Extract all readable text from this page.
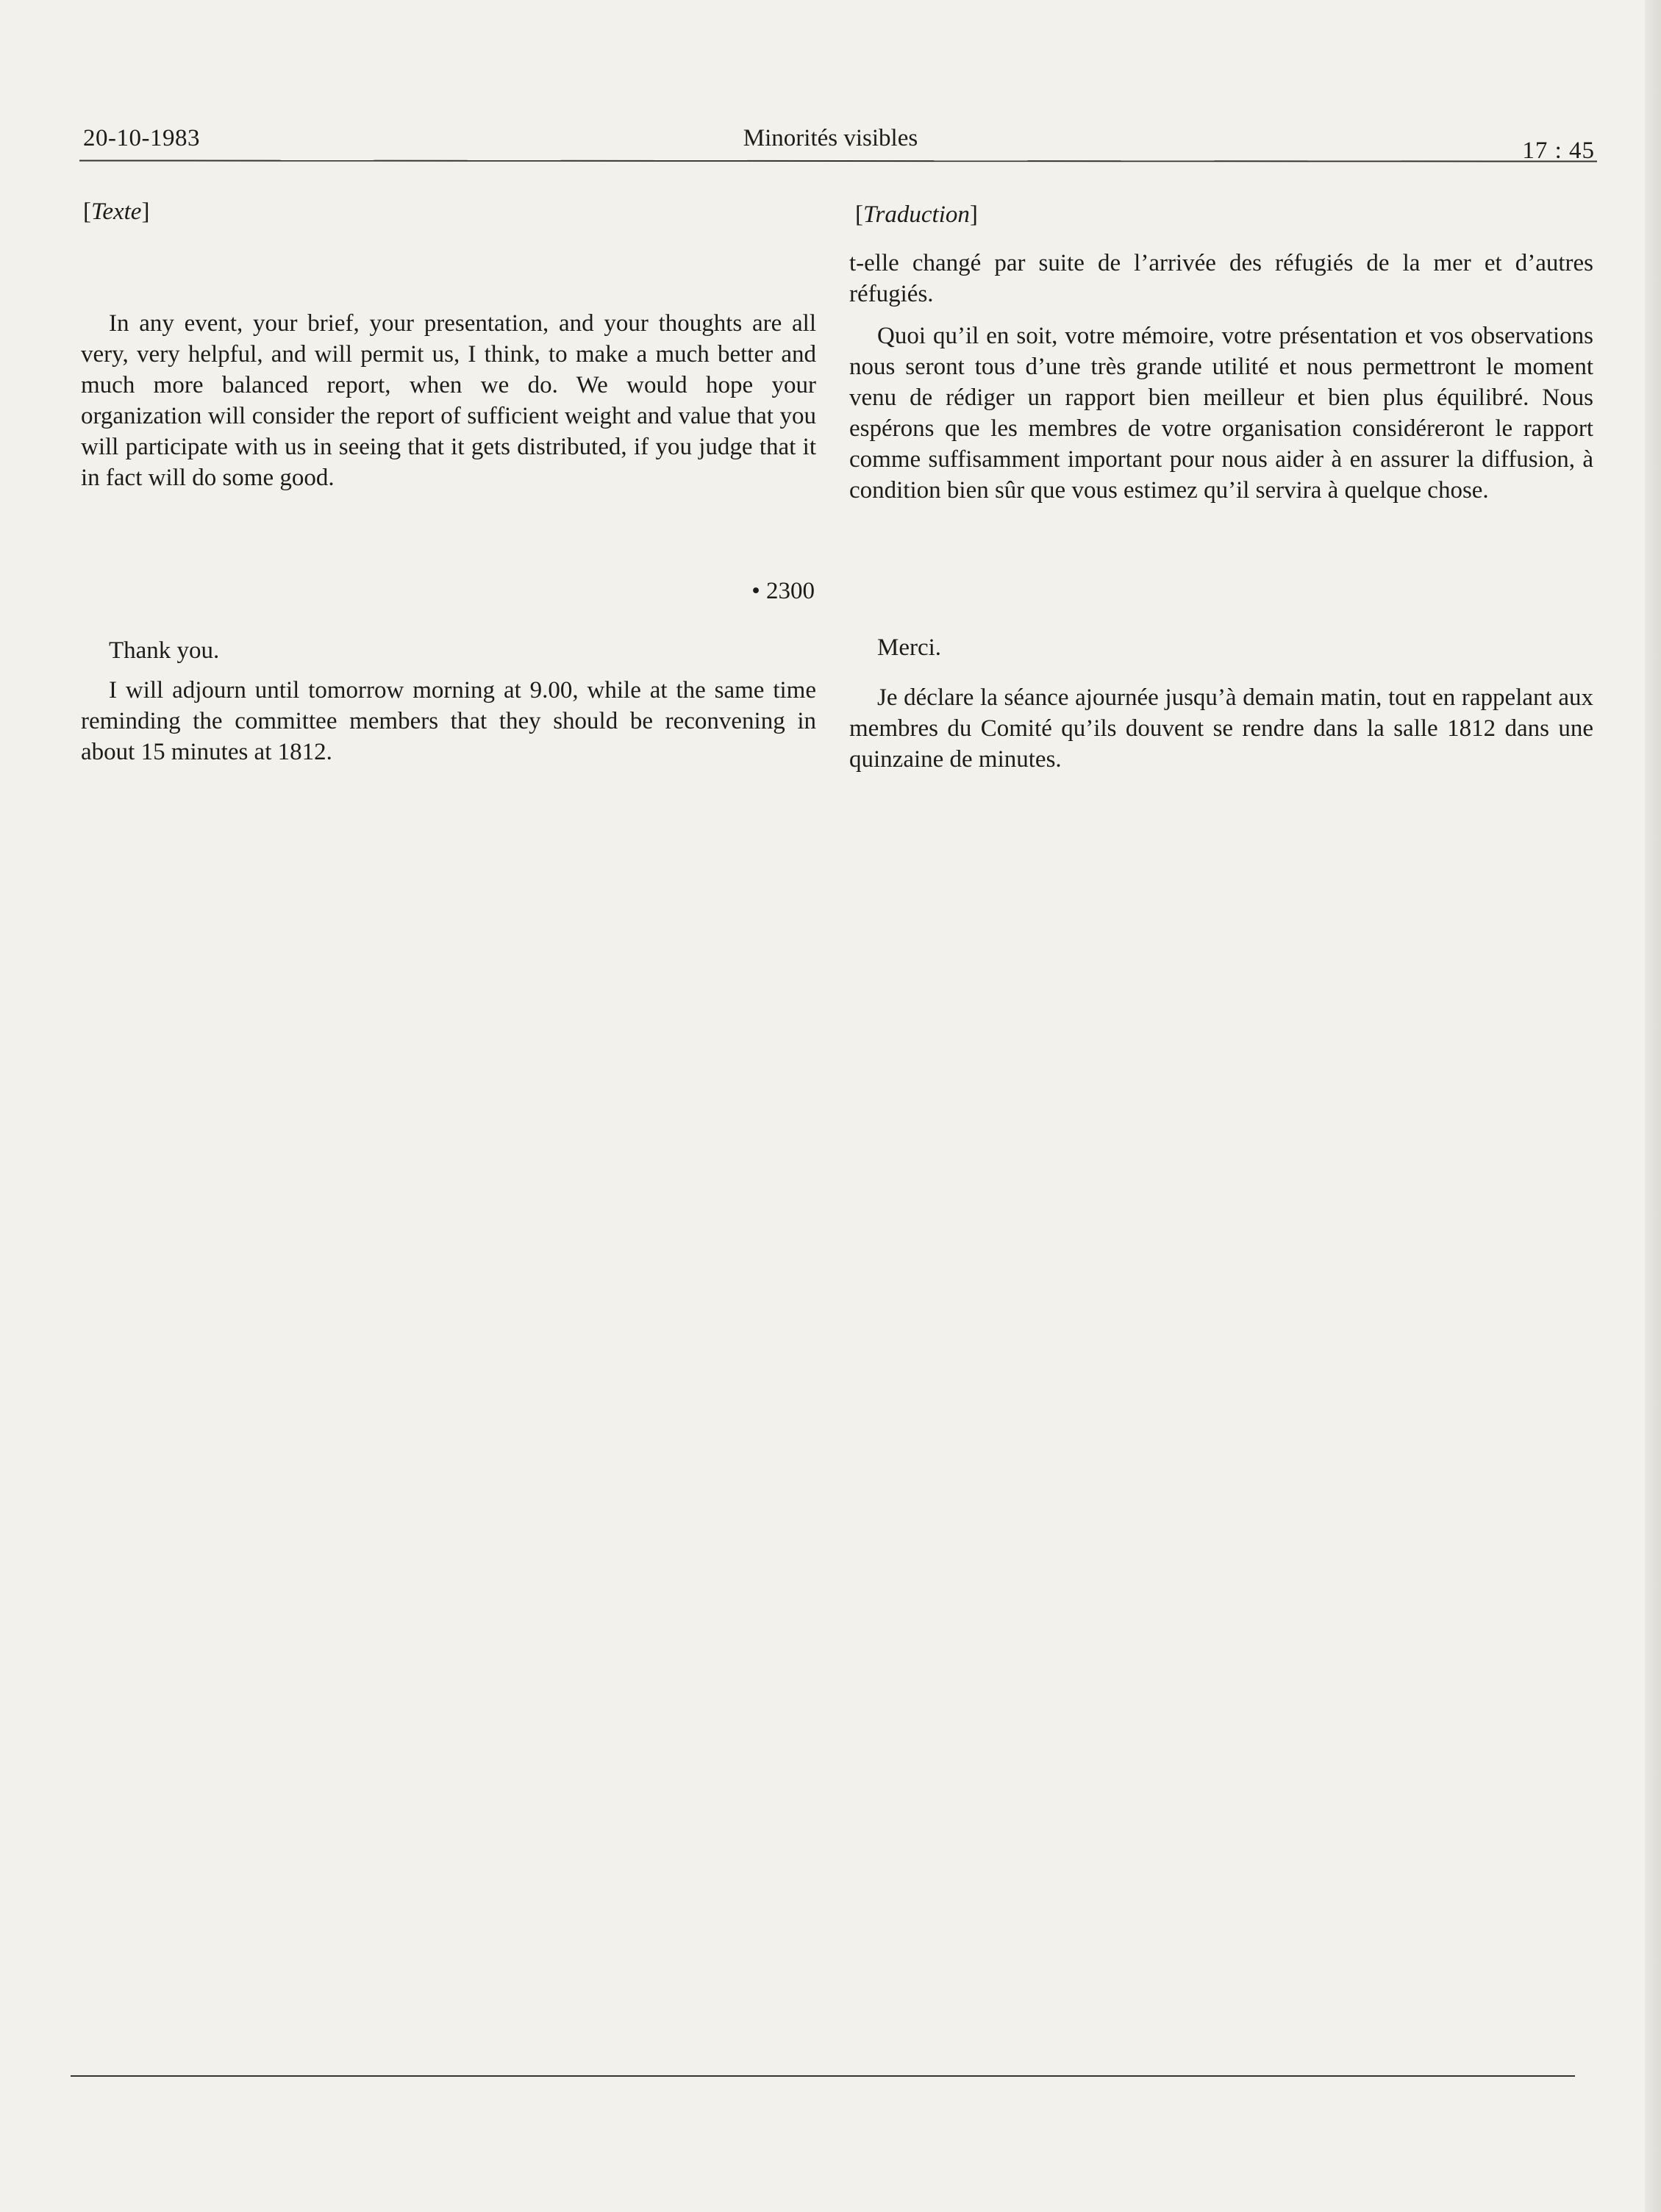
20-10-1983	Minorités visibles	17 : 45
[Texte]

In any event, your brief, your presentation, and your thoughts are all very, very helpful, and will permit us, I think, to make a much better and much more balanced report, when we do. We would hope your organization will consider the report of sufficient weight and value that you will participate with us in seeing that it gets distributed, if you judge that it in fact will do some good.

• 2300

Thank you.

I will adjourn until tomorrow morning at 9.00, while at the same time reminding the committee members that they should be reconvening in about 15 minutes at 1812.

[Traduction]

t-elle changé par suite de l’arrivée des réfugiés de la mer et d’autres réfugiés.

Quoi qu’il en soit, votre mémoire, votre présentation et vos observations nous seront tous d’une très grande utilité et nous permettront le moment venu de rédiger un rapport bien meilleur et bien plus équilibré. Nous espérons que les membres de votre organisation considéreront le rapport comme suffisamment important pour nous aider à en assurer la diffusion, à condition bien sûr que vous estimez qu’il servira à quelque chose.

Merci.

Je déclare la séance ajournée jusqu’à demain matin, tout en rappelant aux membres du Comité qu’ils douvent se rendre dans la salle 1812 dans une quinzaine de minutes.
